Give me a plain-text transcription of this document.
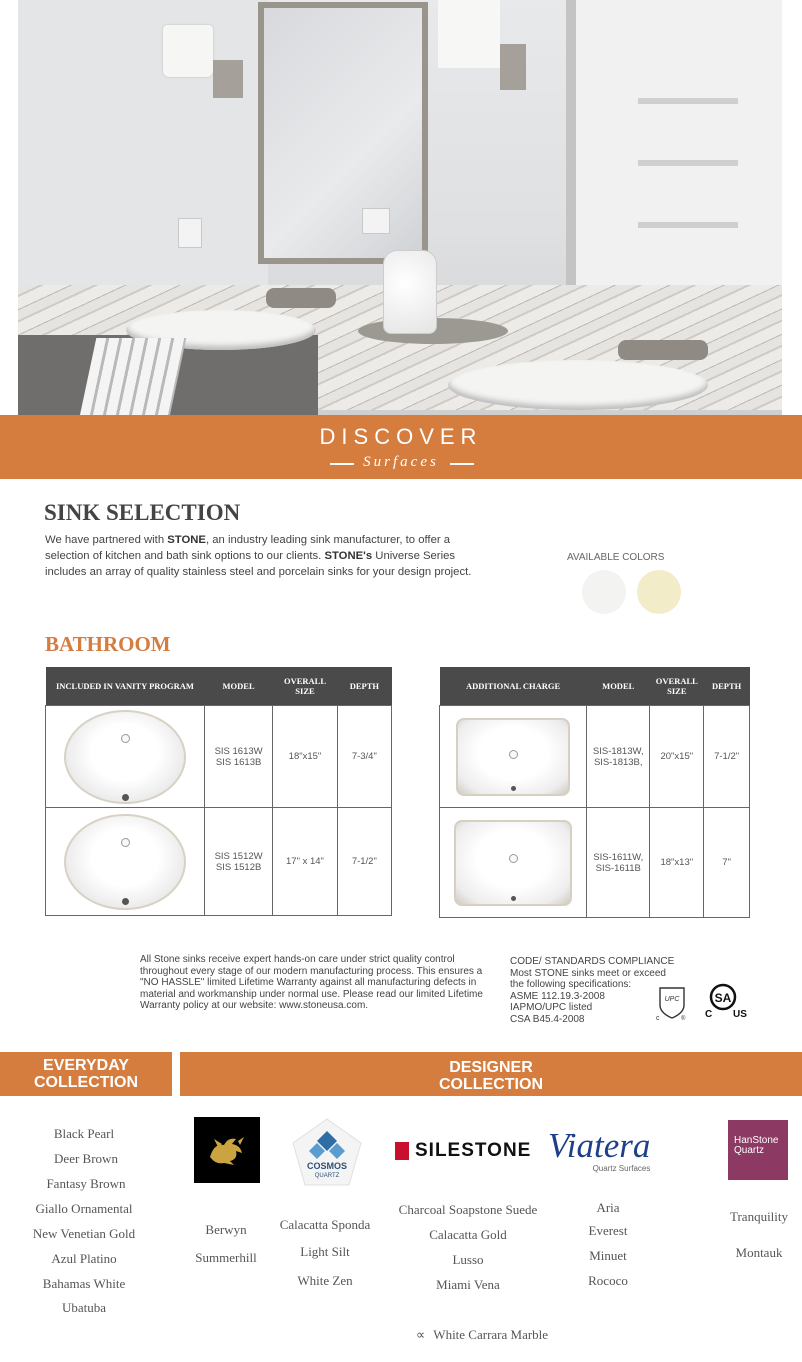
DISCOVER
Surfaces
SINK SELECTION
We have partnered with STONE, an industry leading sink manufacturer, to offer a selection of kitchen and bath sink options to our clients. STONE's Universe Series includes an array of quality stainless steel and porcelain sinks for your design project.
AVAILABLE COLORS
BATHROOM
INCLUDED IN VANITY PROGRAM	MODEL	OVERALL SIZE	DEPTH

	SIS 1613W
SIS 1613B	18"x15"	7-3/4"

	SIS 1512W
SIS 1512B	17" x 14"	7-1/2"
ADDITIONAL CHARGE	MODEL	OVERALL SIZE	DEPTH

	SIS-1813W,
SIS-1813B,	20"x15"	7-1/2"

	SIS-1611W,
SIS-1611B	18"x13"	7"
All Stone sinks receive expert hands-on care under strict quality control throughout every stage of our modern manufacturing process. This ensures a "NO HASSLE" limited Lifetime Warranty against all manufacturing defects in material and workmanship under normal use. Please read our limited Lifetime Warranty policy at our website: www.stoneusa.com.
CODE/ STANDARDS COMPLIANCE
Most STONE sinks meet or exceed
the following specifications:
ASME 112.19.3-2008
IAPMO/UPC listed
CSA B45.4-2008
UPC
c	®
SA
C US
EVERYDAY
COLLECTION
DESIGNER
COLLECTION
Black Pearl
Deer Brown
Fantasy Brown
Giallo Ornamental
New Venetian Gold
Azul Platino
Bahamas White
Ubatuba
Berwyn
Summerhill
COSMOS
QUARTZ
Calacatta Sponda
Light Silt
White Zen
SILESTONE
Charcoal Soapstone Suede
Calacatta Gold
Lusso
Miami Vena
Viatera
Quartz Surfaces
Aria
Everest
Minuet
Rococo
HanStone
Quartz
Tranquility
Montauk
∝ White Carrara Marble
